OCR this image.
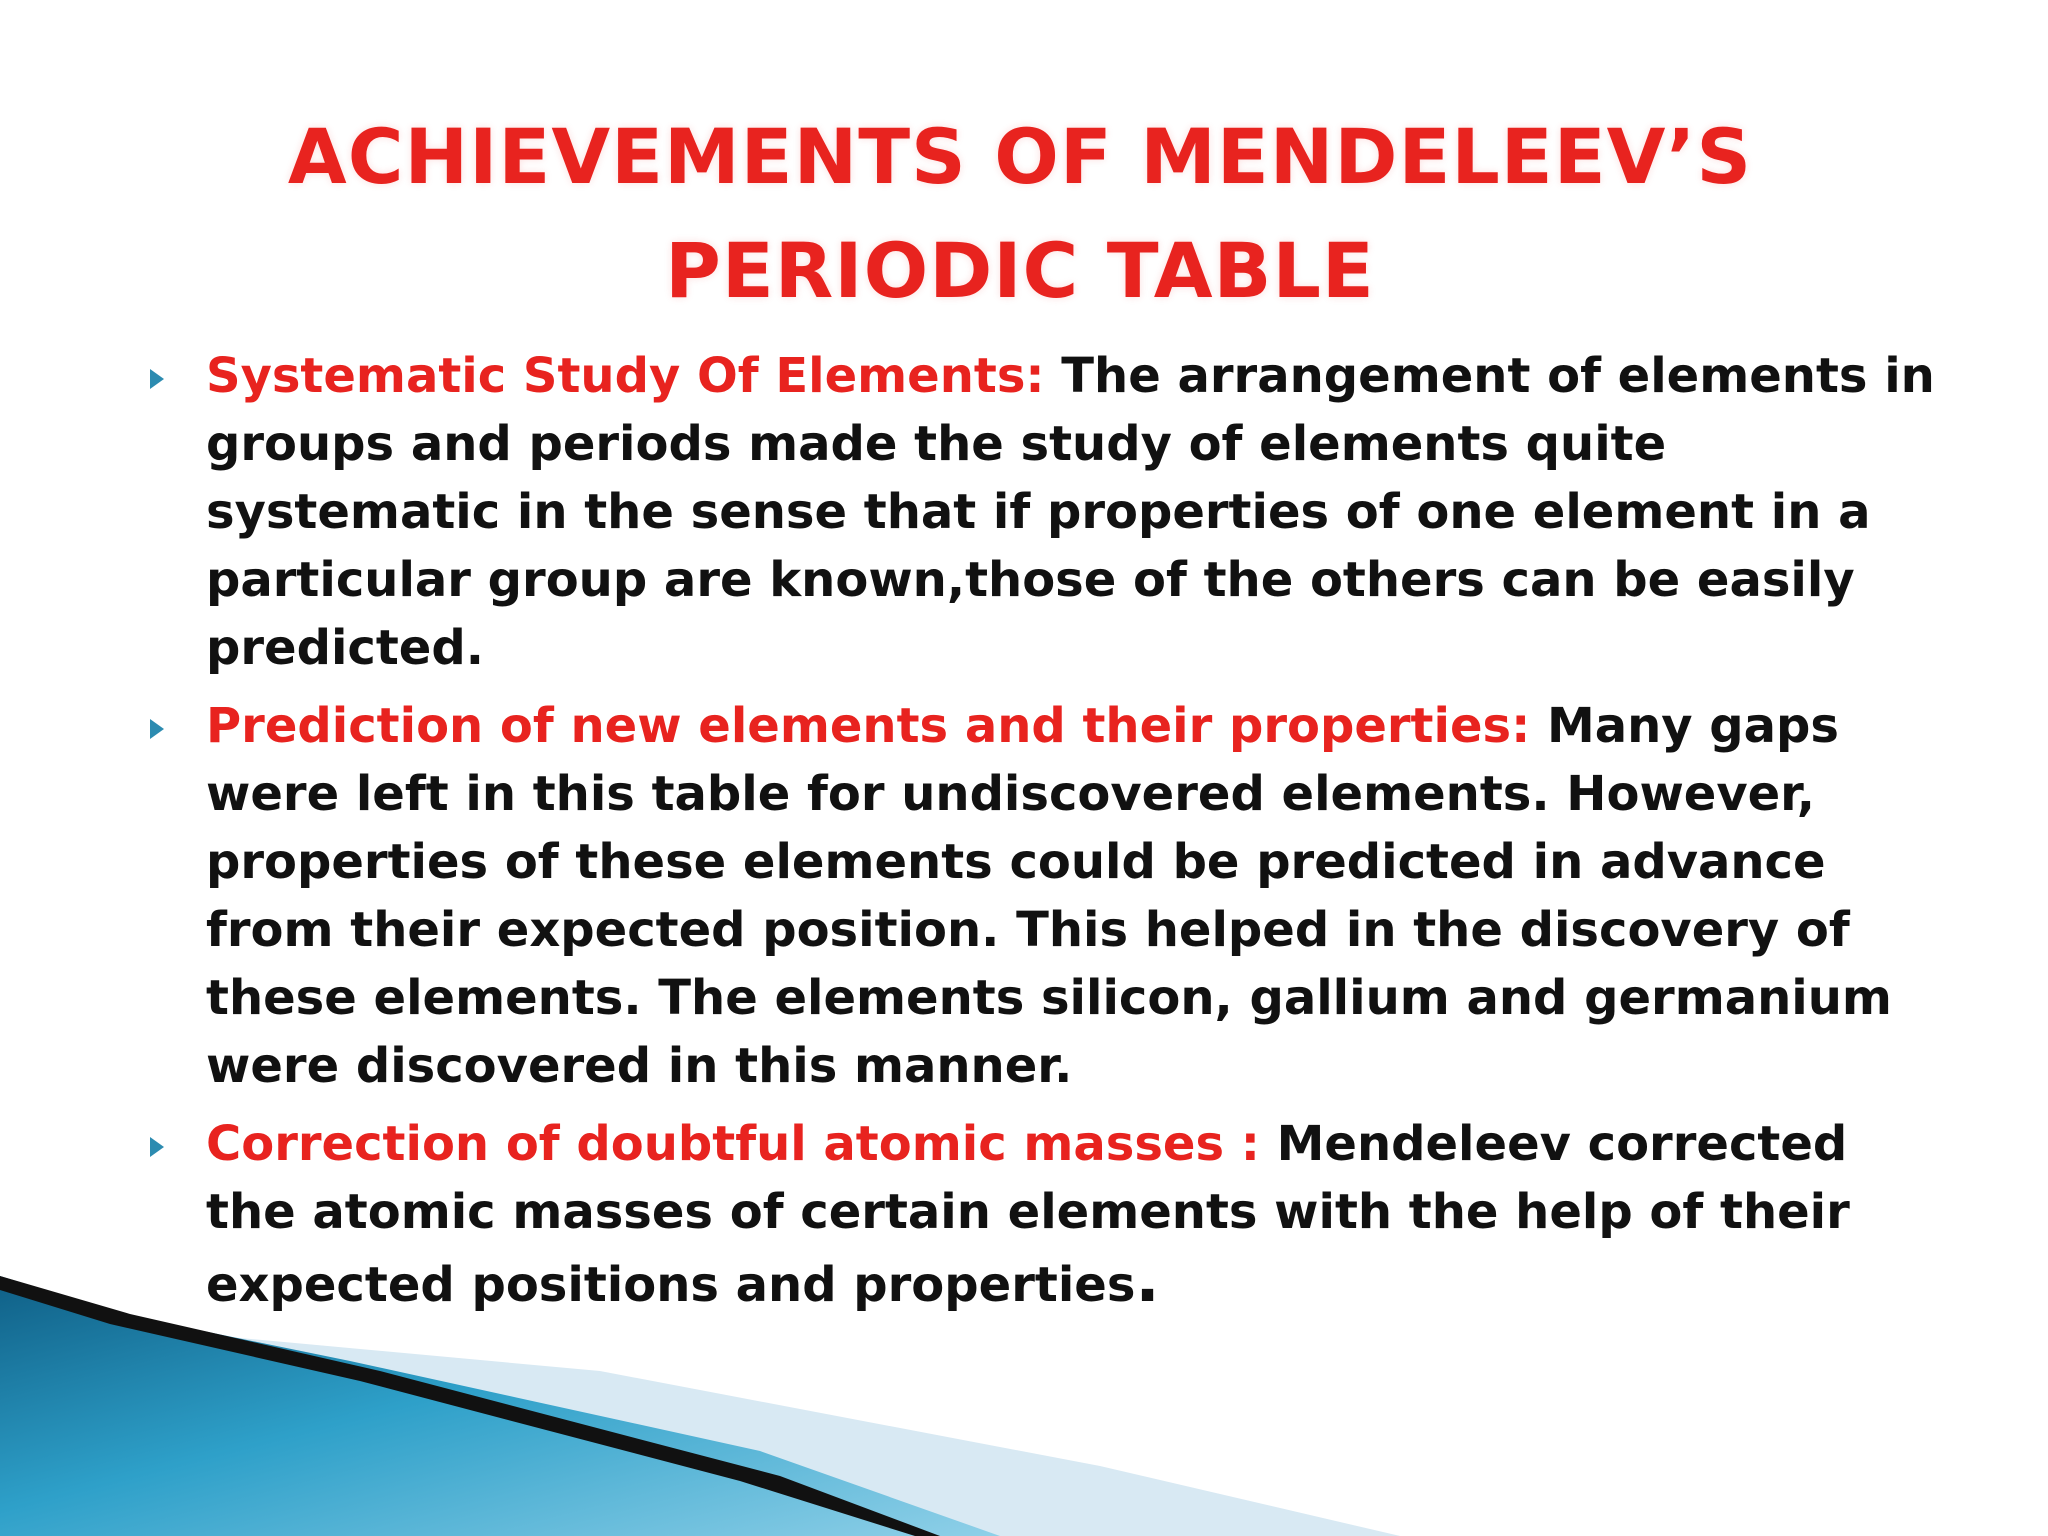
ACHIEVEMENTS OF MENDELEEV’S
PERIODIC TABLE
Systematic Study Of Elements: The arrangement of elements in groups and periods made the study of elements quite systematic in the sense that if properties of one element in a particular group are known,those of the others can be easily predicted.
Prediction of new elements and their properties: Many gaps were left in this table for undiscovered elements. However, properties of these elements could be predicted in advance from their expected position. This helped in the discovery of these elements. The elements silicon, gallium and germanium were discovered in this manner.
Correction of doubtful atomic masses : Mendeleev corrected the atomic masses of certain elements with the help of their expected positions and properties.
